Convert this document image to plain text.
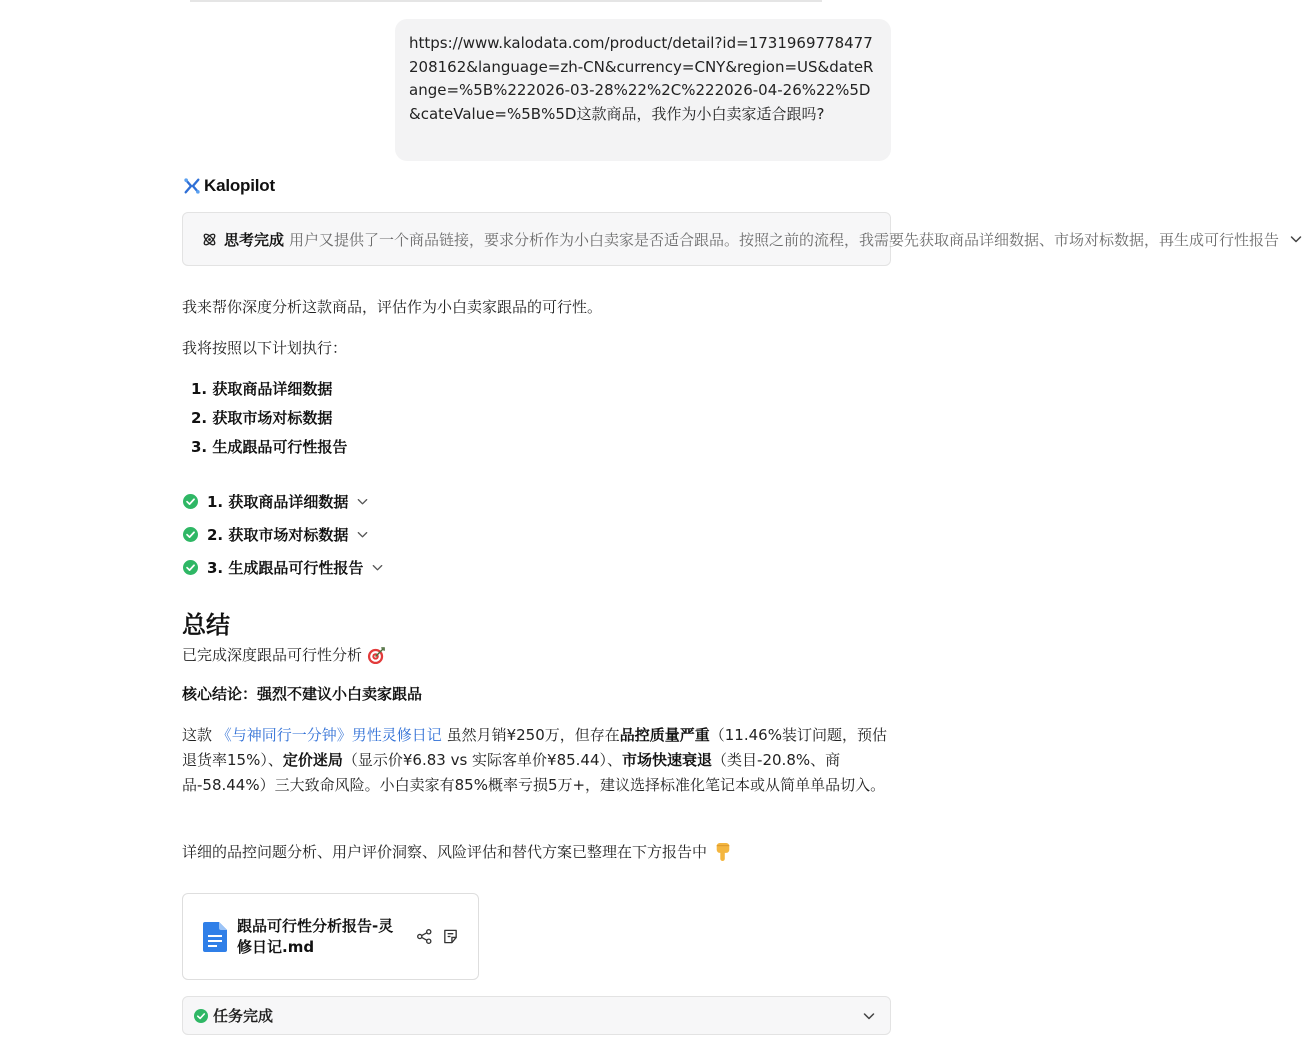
https://www.kalodata.com/product/detail?id=1731969778477208162&language=zh-CN&currency=CNY&region=US&dateRange=%5B%222026-03-28%22%2C%222026-04-26%22%5D&cateValue=%5B%5D这款商品，我作为小白卖家适合跟吗?
Kalopilot
思考完成 用户又提供了一个商品链接，要求分析作为小白卖家是否适合跟品。按照之前的流程，我需要先获取商品详细数据、市场对标数据，再生成可行性报告
我来帮你深度分析这款商品，评估作为小白卖家跟品的可行性。
我将按照以下计划执行：
1. 获取商品详细数据
2. 获取市场对标数据
3. 生成跟品可行性报告
1. 获取商品详细数据
2. 获取市场对标数据
3. 生成跟品可行性报告
总结
已完成深度跟品可行性分析
核心结论：强烈不建议小白卖家跟品
这款 《与神同行一分钟》男性灵修日记 虽然月销¥250万，但存在品控质量严重（11.46%装订问题，预估退货率15%）、定价迷局（显示价¥6.83 vs 实际客单价¥85.44）、市场快速衰退（类目-20.8%、商品-58.44%）三大致命风险。小白卖家有85%概率亏损5万+，建议选择标准化笔记本或从简单单品切入。
详细的品控问题分析、用户评价洞察、风险评估和替代方案已整理在下方报告中
跟品可行性分析报告-灵修日记.md
任务完成
